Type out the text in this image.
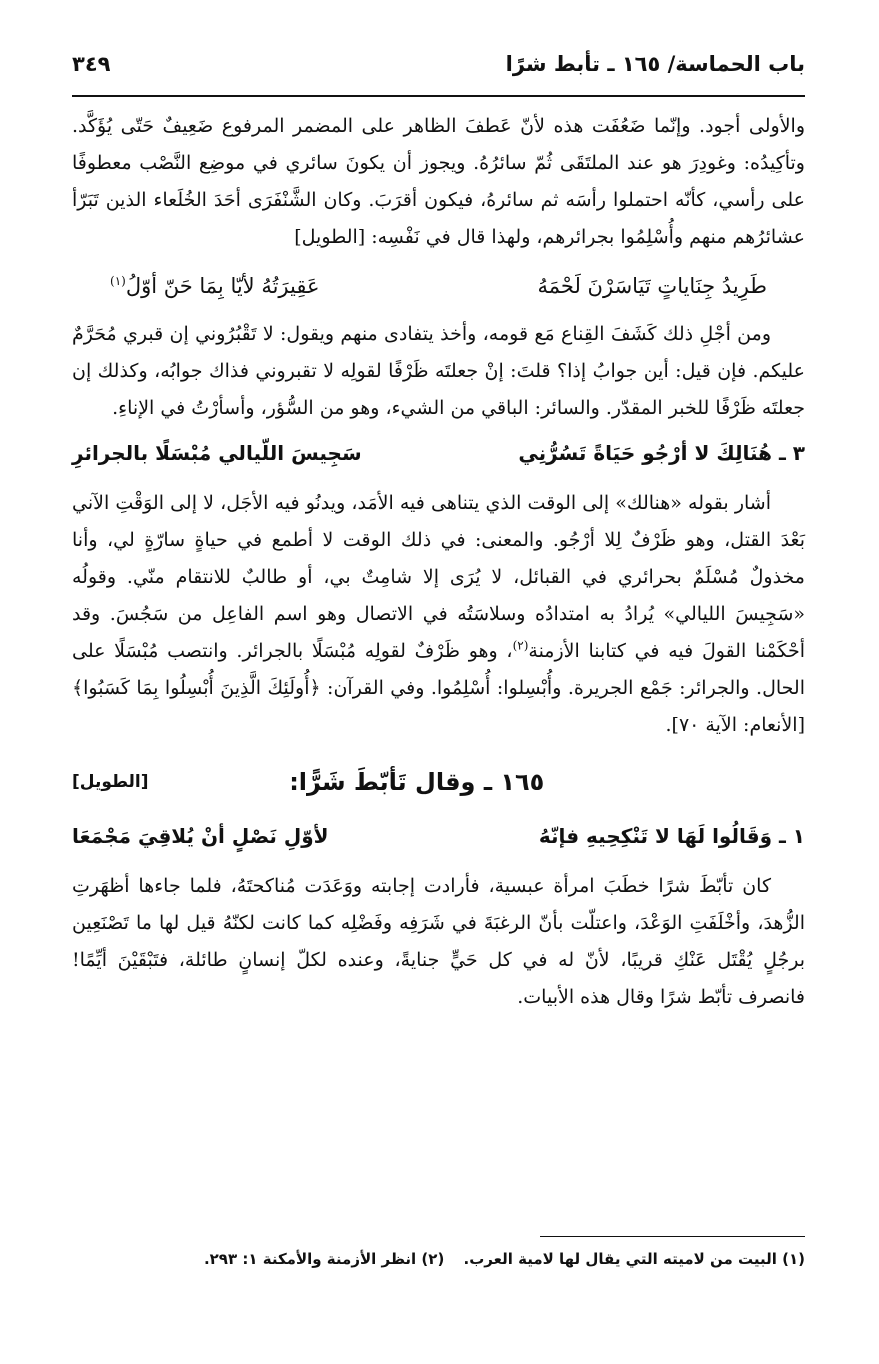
باب الحماسة/ ١٦٥ ـ تأبط شرًا
٣٤٩

والأولى أجود. وإنّما ضَعُفَت هذه لأنّ عَطفَ الظاهر على المضمر المرفوع ضَعِيفٌ حَتّى يُؤَكَّد. وتأكِيدُه: وغودِرَ هو عند الملتَقَى ثُمّ سائرُهُ. ويجوز أن يكونَ سائري في موضِع النَّصْب معطوفًا على رأسي، كأنّه احتملوا رأسَه ثم سائرهُ، فيكون أقرَبَ. وكان الشَّنْفَرَى أحَدَ الخُلَعاء الذين تَبَرّأ عشائرُهم منهم وأُسْلِمُوا بجرائرهم، ولهذا قال في نَفْسِه: [الطويل]

طَرِيدُ جِنَاياتٍ تَيَاسَرْنَ لَحْمَهُ
عَقِيرَتُهُ لأيّا بِمَا حَنّ أوّلُ$^{(١)}$

ومن أجْلِ ذلك كَشَفَ القِناع مَع قومه، وأخذ يتفادى منهم ويقول: لا تَقْبُرُوني إن قبري مُحَرَّمٌ عليكم. فإن قيل: أين جوابُ إذا؟ قلتَ: إنْ جعلتَه ظَرْفًا لقولِه لا تقبروني فذاك جوابُه، وكذلك إن جعلتَه ظَرْفًا للخبر المقدّر. والسائر: الباقي من الشيء، وهو من السُّؤر، وأسأرْتُ في الإناءِ.

٣ ـ هُنَالِكَ لا أرْجُو حَيَاةً تَسُرُّنِي
سَجِيسَ اللّيالي مُبْسَلًا بالجرائرِ

أشار بقوله «هنالك» إلى الوقت الذي يتناهى فيه الأمَد، ويدنُو فيه الأجَل، لا إلى الوَقْتِ الآني بَعْدَ القتل، وهو ظَرْفٌ لِلا أرْجُو. والمعنى: في ذلك الوقت لا أطمع في حياةٍ سارّةٍ لي، وأنا مخذولٌ مُسْلَمٌ بحرائري في القبائل، لا يُرَى إلا شامِتٌ بي، أو طالبٌ للانتقام منّي. وقولُه «سَجِيسَ الليالي» يُرادُ به امتدادُه وسلاسَتُه في الاتصال وهو اسم الفاعِل من سَجُسَ. وقد أحْكَمْنا القولَ فيه في كتابنا الأزمنة$^{(٢)}$، وهو ظَرْفٌ لقولِه مُبْسَلًا بالجرائر. وانتصب مُبْسَلًا على الحال. والجرائر: جَمْع الجريرة. وأُبْسِلوا: أُسْلِمُوا. وفي القرآن: ﴿أُولَئِكَ الَّذِينَ أُبْسِلُوا بِمَا كَسَبُوا﴾ [الأنعام: الآية ٧٠].

١٦٥ ـ وقال تَأبّطَ شَرًّا:
[الطويل]
١ ـ وَقَالُوا لَهَا لا تَنْكِحِيهِ فإنّهُ
لأوّلِ نَصْلٍ أنْ يُلاقِيَ مَجْمَعَا

كان تأبّطَ شرًا خطَبَ امرأة عبسية، فأرادت إجابته ووَعَدَت مُناكحتَهُ، فلما جاءها أظهَرتِ الزُّهدَ، وأخْلَفَتِ الوَعْدَ، واعتلّت بأنّ الرغبَةَ في شَرَفِه وفَضْلِه كما كانت لكنّهُ قيل لها ما تَصْنَعِين برجُلٍ يُقْتَل عَنْكِ قريبًا، لأنّ له في كل حَيٍّ جنايةً، وعنده لكلّ إنسانٍ طائلة، فتَبْقَيْنَ أيِّمًا! فانصرف تأبّط شرًا وقال هذه الأبيات.

(١) البيت من لاميته التي يقال لها لامية العرب. (٢) انظر الأزمنة والأمكنة ١: ٢٩٣.
